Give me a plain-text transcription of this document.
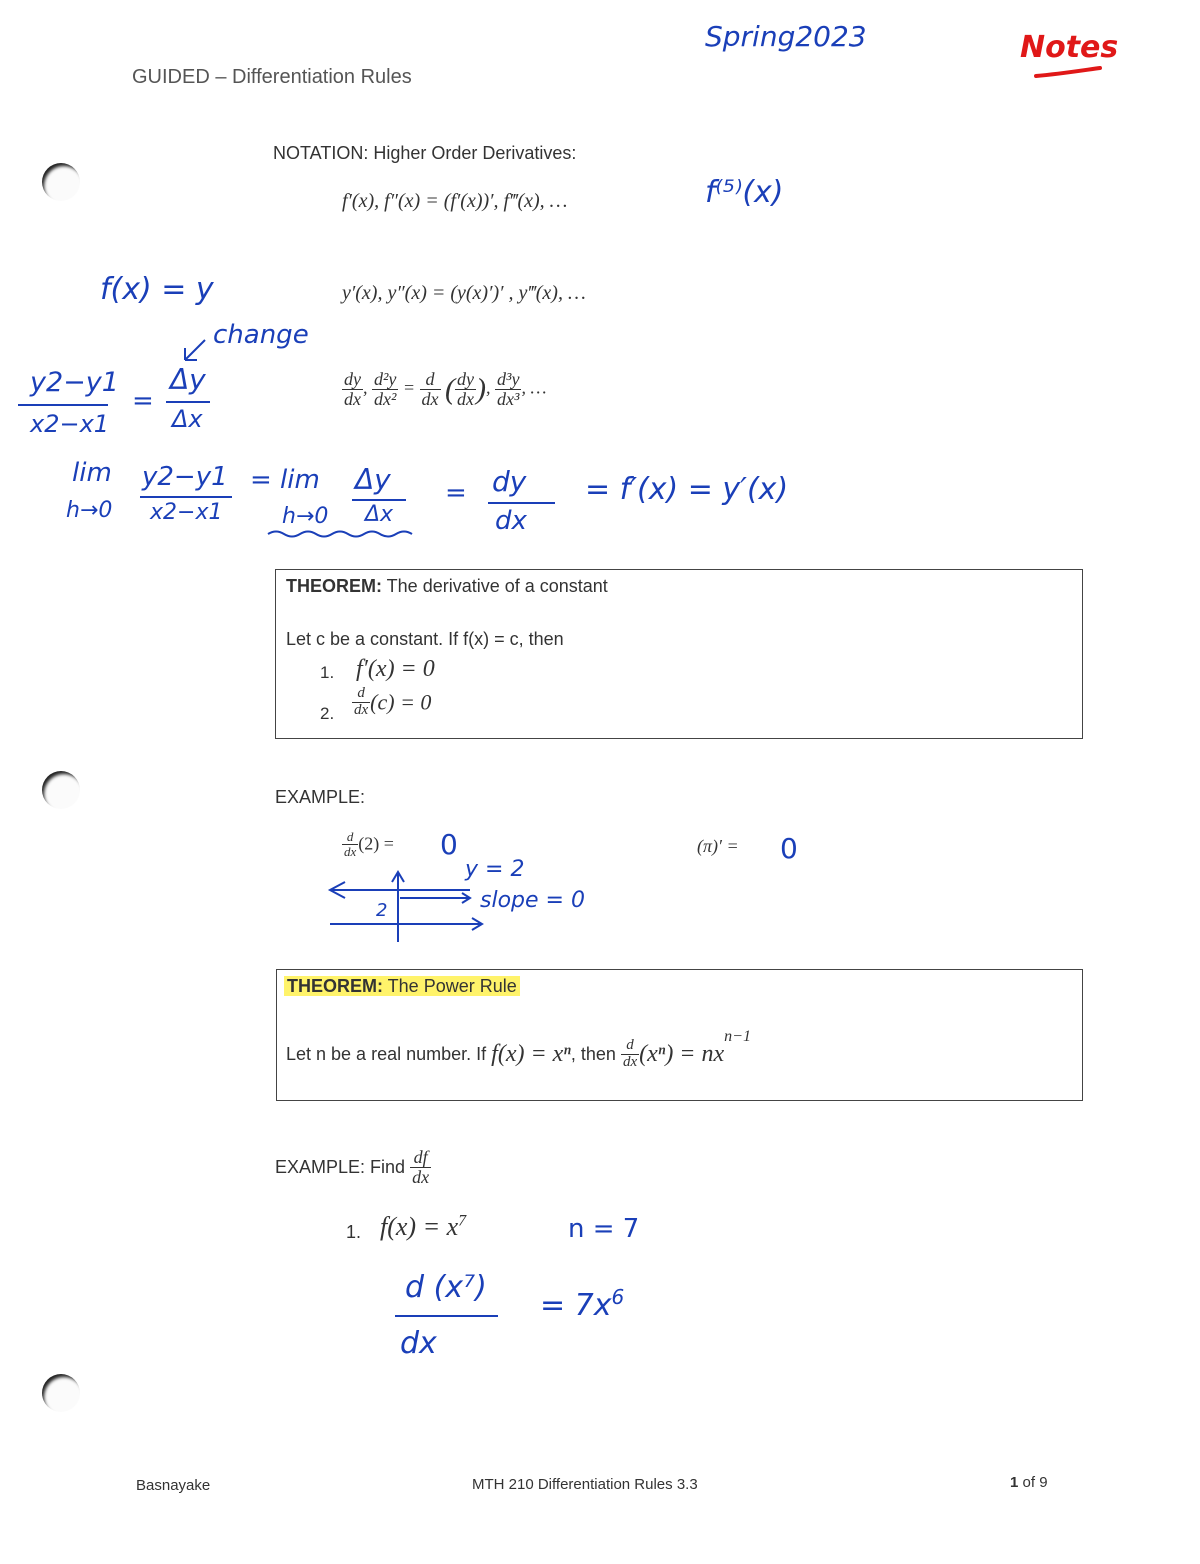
GUIDED – Differentiation Rules
Spring2023	Notes
NOTATION: Higher Order Derivatives:
f′(x), f″(x) = (f′(x))′, f‴(x), …	f⁽⁵⁾(x)
y′(x), y″(x) = (y(x)′)′ , y‴(x), …
$\frac{dy}{dx}$ , $\frac{\text{d²y}}{\text{dx²}} = \frac{d}{dx}$ ( $\frac{dy}{dx}$ ), $\frac{\text{d³y}}{\text{dx³}}$ , …
f(x) = y
change
y2−y1
x2−x1
=
Δy
Δx
lim
h→0
y2−y1
x2−x1
= lim
h→0
Δy
Δx
= dy
dx
= f′(x) = y′(x)
THEOREM: The derivative of a constant
Let c be a constant. If f(x) = c, then
1. f′(x) = 0
2. $\frac{d}{dx} (c) = 0$
EXAMPLE:
$\frac{d}{dx} (2) = 0$	(π)′ = 0
y = 2
slope = 0
2
THEOREM: The Power Rule
Let n be a real number. If f(x) = xⁿ, then $\frac{d}{dx} (x^n) = nx^{n-1}$
EXAMPLE: Find $\frac{df}{dx}$
1. $f(x) = x^7$	n = 7
d (x⁷)
dx
= $7x^6$
Basnayake	MTH 210 Differentiation Rules 3.3	1 of 9
